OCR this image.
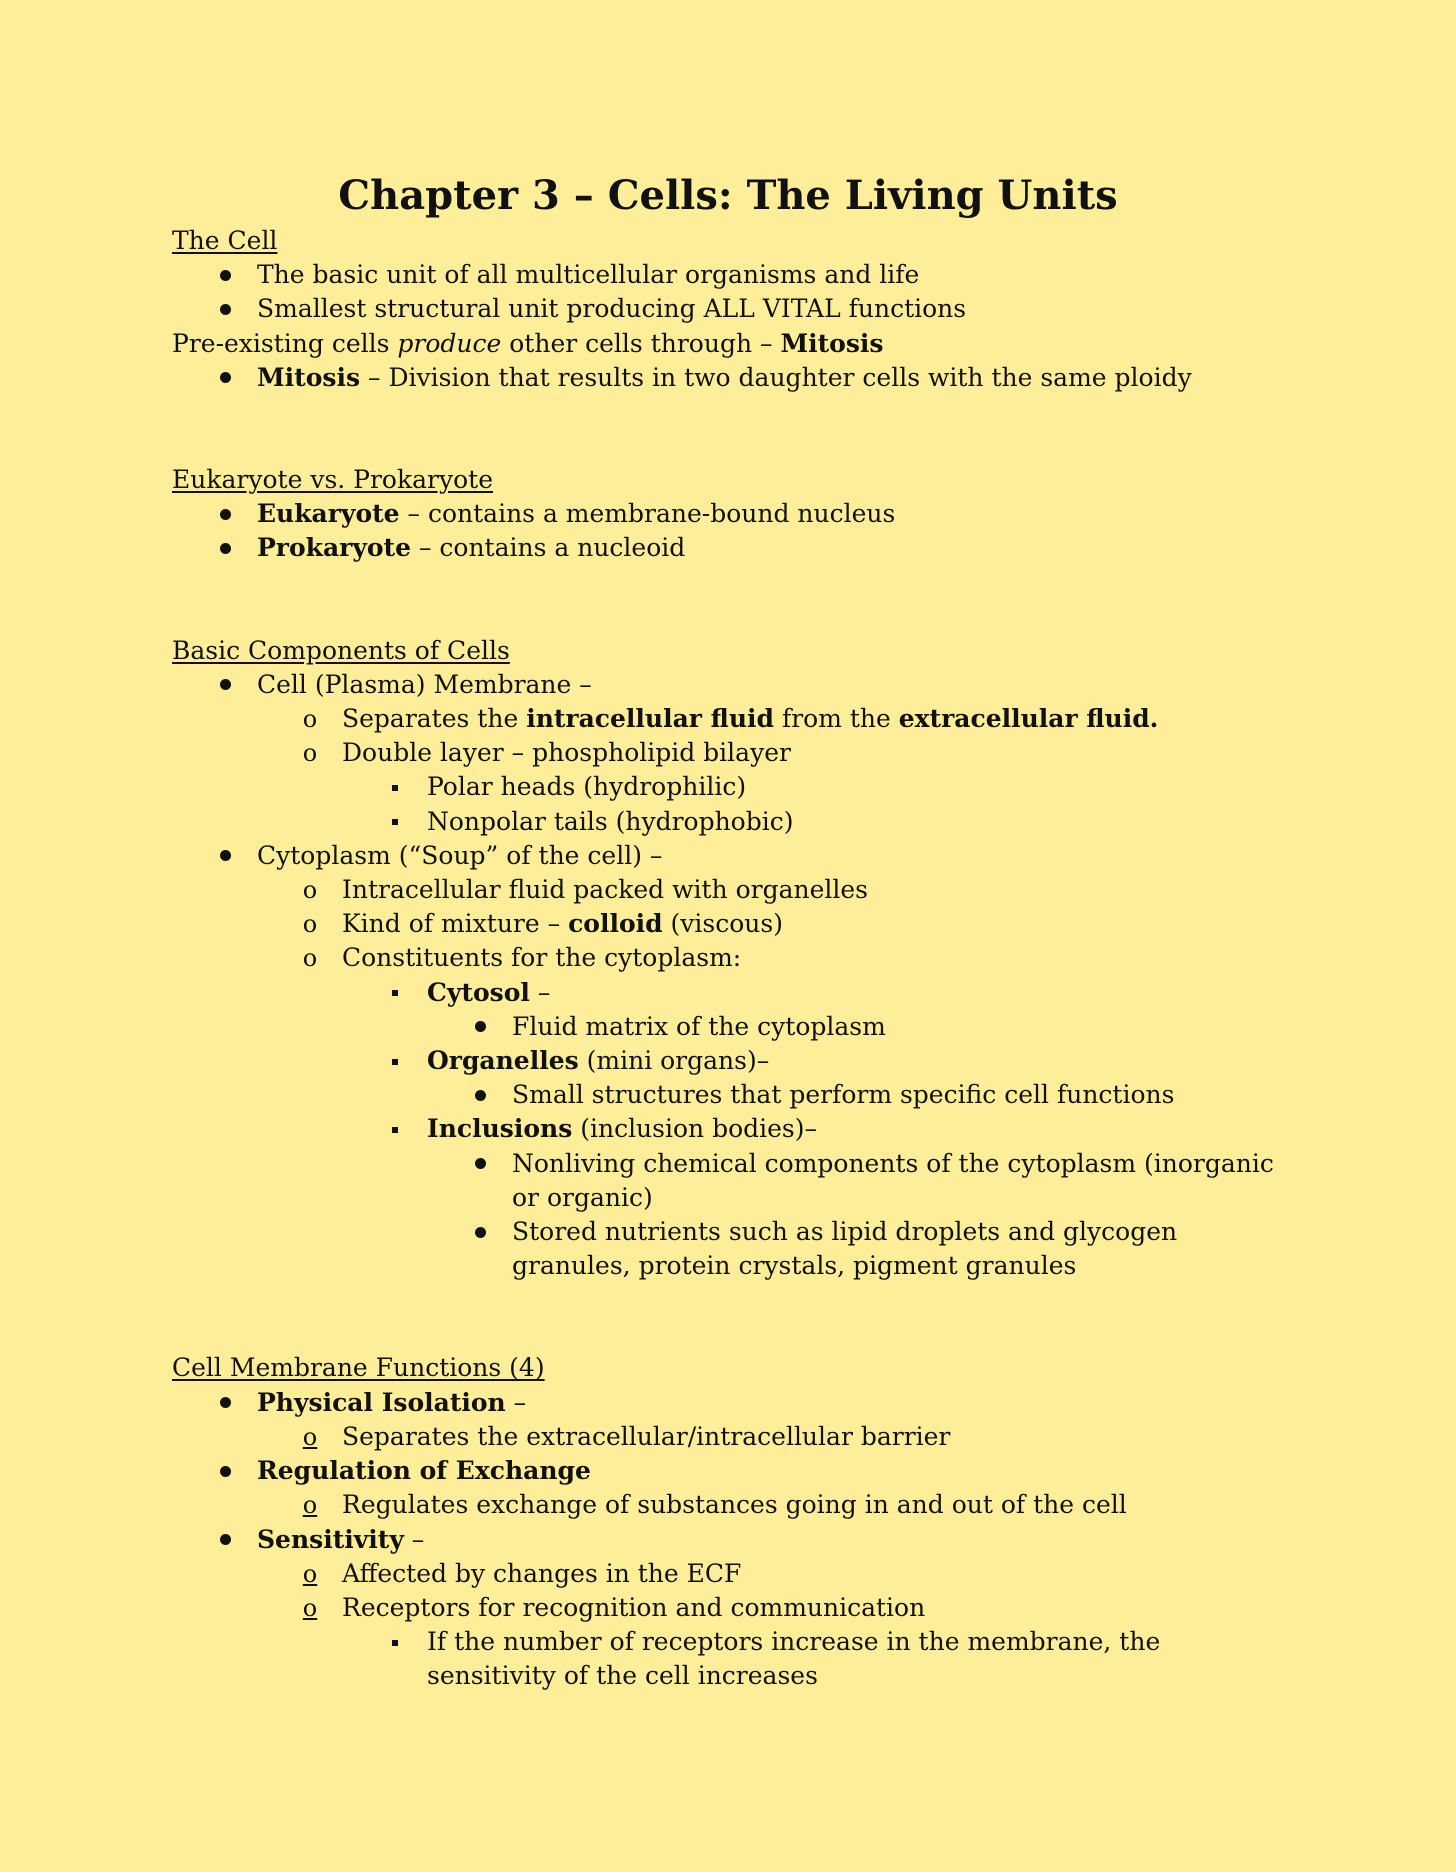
Chapter 3 – Cells: The Living Units
The Cell
The basic unit of all multicellular organisms and life
Smallest structural unit producing ALL VITAL functions
Pre-existing cells produce other cells through – Mitosis
Mitosis – Division that results in two daughter cells with the same ploidy
Eukaryote vs. Prokaryote
Eukaryote – contains a membrane-bound nucleus
Prokaryote – contains a nucleoid
Basic Components of Cells
Cell (Plasma) Membrane –
o Separates the intracellular fluid from the extracellular fluid.
o Double layer – phospholipid bilayer
Polar heads (hydrophilic)
Nonpolar tails (hydrophobic)
Cytoplasm (“Soup” of the cell) –
o Intracellular fluid packed with organelles
o Kind of mixture – colloid (viscous)
o Constituents for the cytoplasm:
Cytosol –
Fluid matrix of the cytoplasm
Organelles (mini organs)–
Small structures that perform specific cell functions
Inclusions (inclusion bodies)–
Nonliving chemical components of the cytoplasm (inorganic or organic)
Stored nutrients such as lipid droplets and glycogen granules, protein crystals, pigment granules
Cell Membrane Functions (4)
Physical Isolation –
o Separates the extracellular/intracellular barrier
Regulation of Exchange
o Regulates exchange of substances going in and out of the cell
Sensitivity –
o Affected by changes in the ECF
o Receptors for recognition and communication
If the number of receptors increase in the membrane, the sensitivity of the cell increases
